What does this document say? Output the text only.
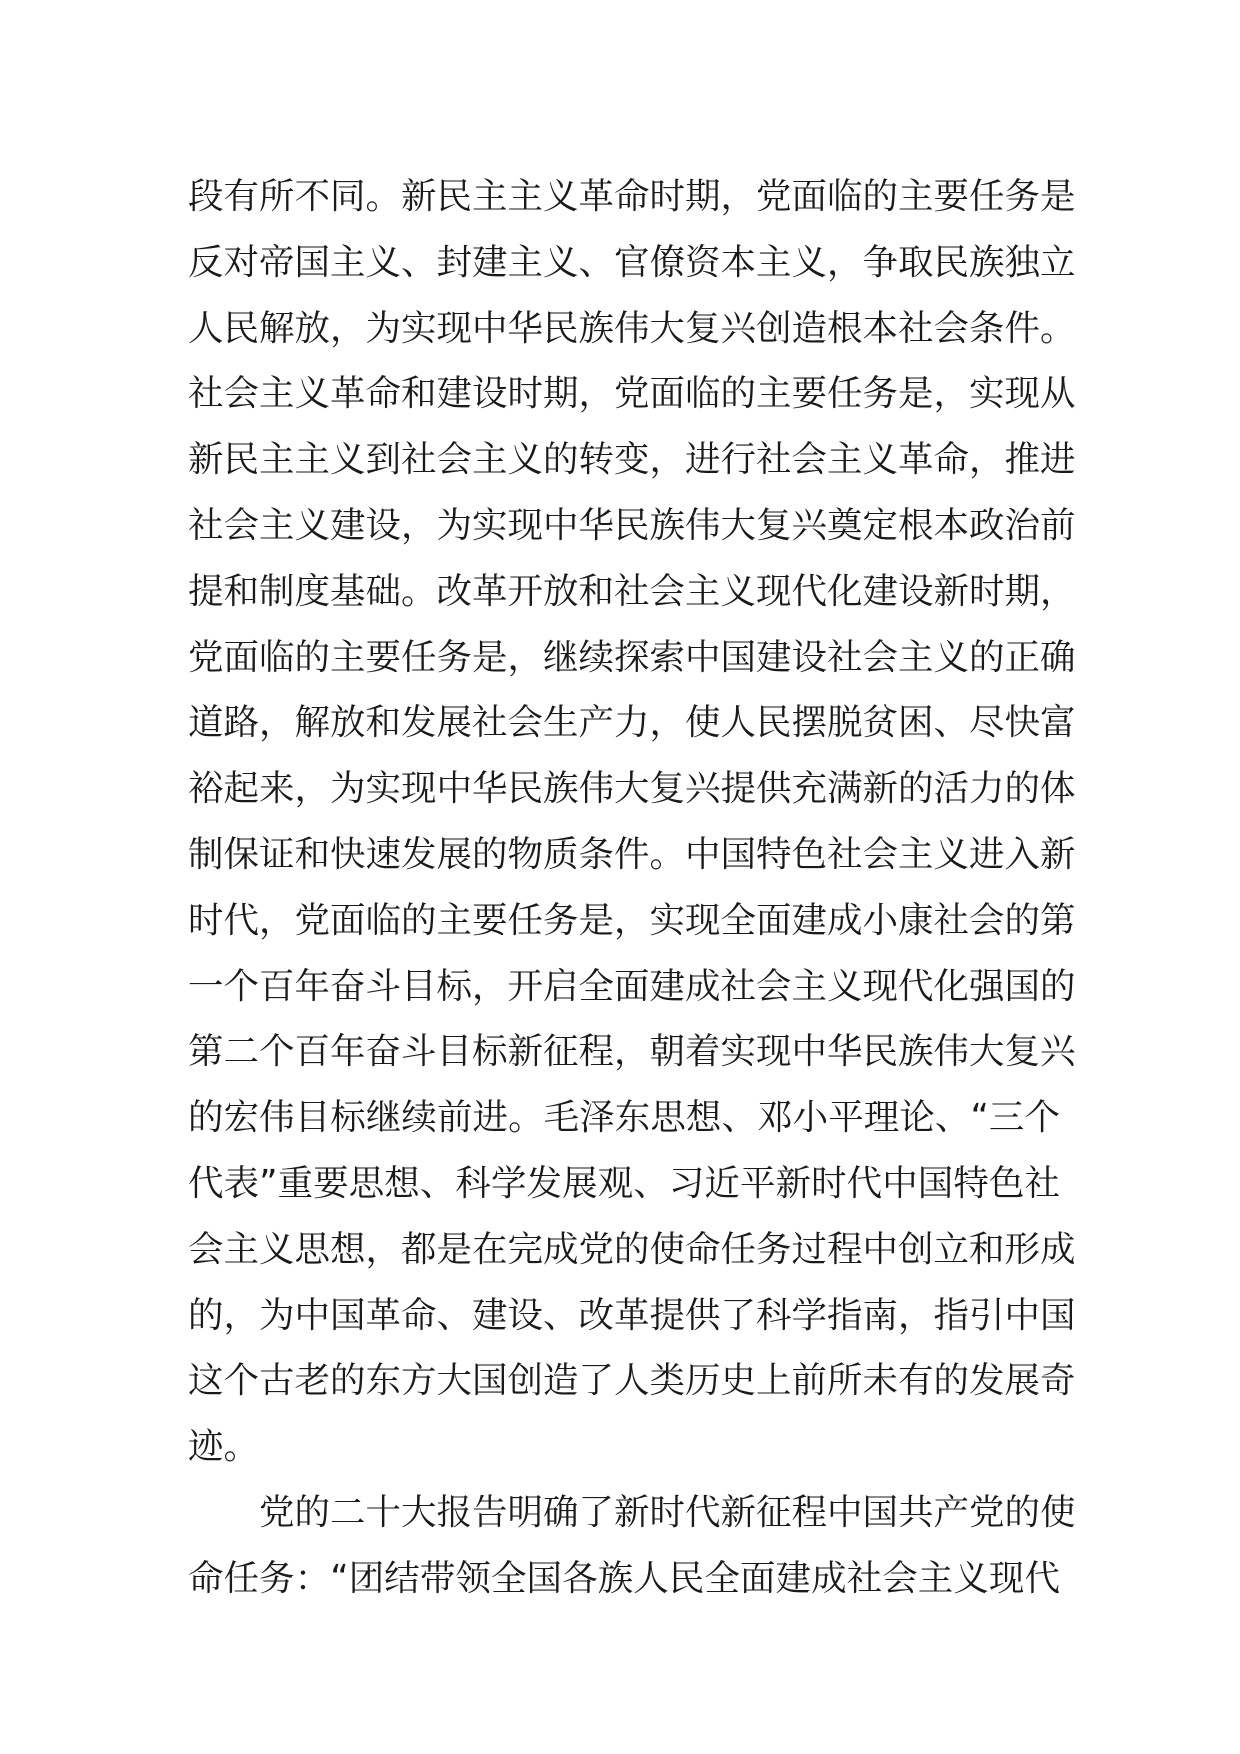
段有所不同。新民主主义革命时期，党面临的主要任务是
反对帝国主义、封建主义、官僚资本主义，争取民族独立
人民解放，为实现中华民族伟大复兴创造根本社会条件。
社会主义革命和建设时期，党面临的主要任务是，实现从
新民主主义到社会主义的转变，进行社会主义革命，推进
社会主义建设，为实现中华民族伟大复兴奠定根本政治前
提和制度基础。改革开放和社会主义现代化建设新时期，
党面临的主要任务是，继续探索中国建设社会主义的正确
道路，解放和发展社会生产力，使人民摆脱贫困、尽快富
裕起来，为实现中华民族伟大复兴提供充满新的活力的体
制保证和快速发展的物质条件。中国特色社会主义进入新
时代，党面临的主要任务是，实现全面建成小康社会的第
一个百年奋斗目标，开启全面建成社会主义现代化强国的
第二个百年奋斗目标新征程，朝着实现中华民族伟大复兴
的宏伟目标继续前进。毛泽东思想、邓小平理论、“三个
代表”重要思想、科学发展观、习近平新时代中国特色社
会主义思想，都是在完成党的使命任务过程中创立和形成
的，为中国革命、建设、改革提供了科学指南，指引中国
这个古老的东方大国创造了人类历史上前所未有的发展奇
迹。
党的二十大报告明确了新时代新征程中国共产党的使
命任务：“团结带领全国各族人民全面建成社会主义现代
